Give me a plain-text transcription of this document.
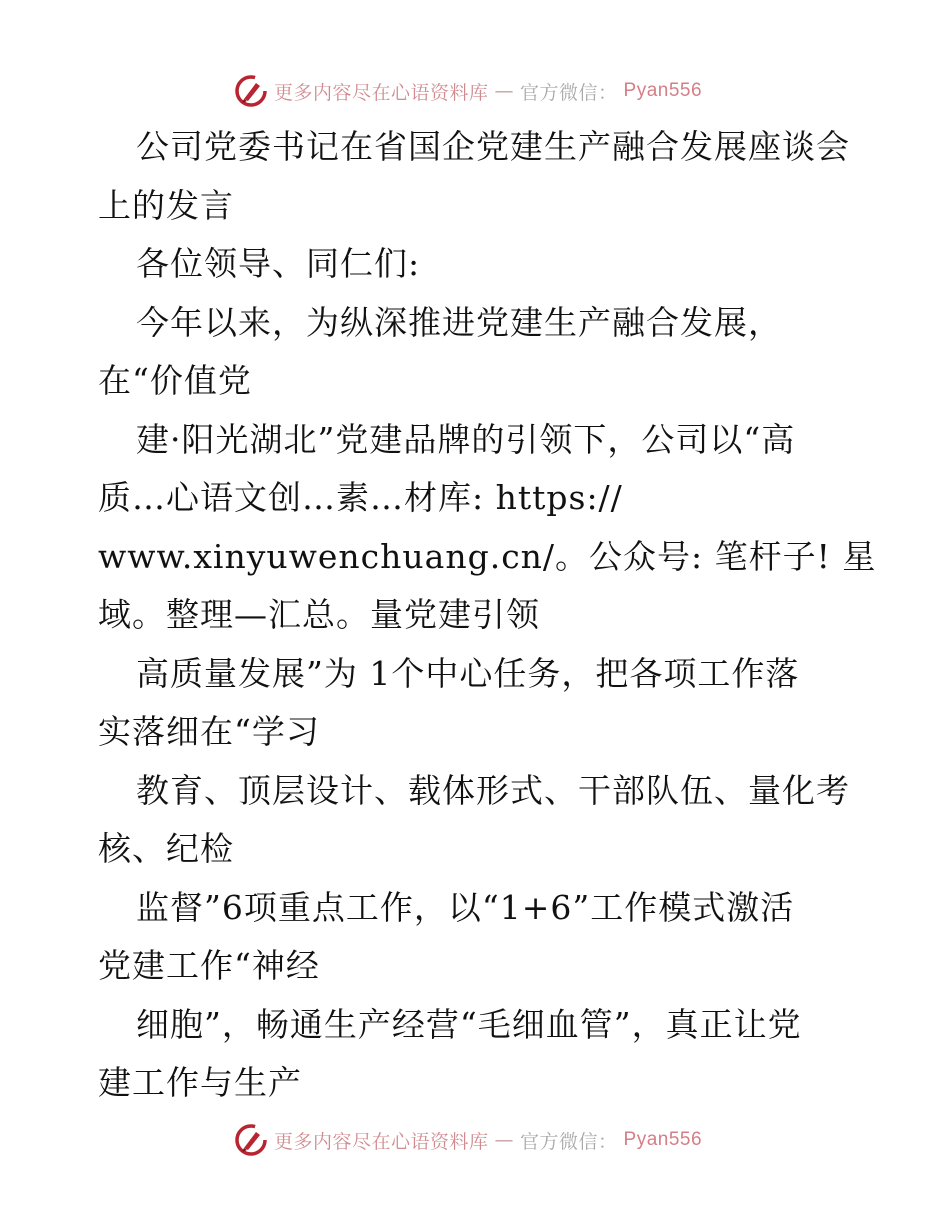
更多内容尽在心语资料库 — 官方微信： Pyan556
公司党委书记在省国企党建生产融合发展座谈会
上的发言
各位领导、同仁们:
今年以来，为纵深推进党建生产融合发展，
在“价值党
建·阳光湖北”党建品牌的引领下，公司以“高
质…心语文创…素…材库: https://
www.xinyuwenchuang.cn/。公众号: 笔杆子! 星
域。整理—汇总。量党建引领
高质量发展”为 1个中心任务，把各项工作落
实落细在“学习
教育、顶层设计、载体形式、干部队伍、量化考
核、纪检
监督”6项重点工作，以“1+6”工作模式激活
党建工作“神经
细胞”，畅通生产经营“毛细血管”，真正让党
建工作与生产
更多内容尽在心语资料库 — 官方微信： Pyan556
